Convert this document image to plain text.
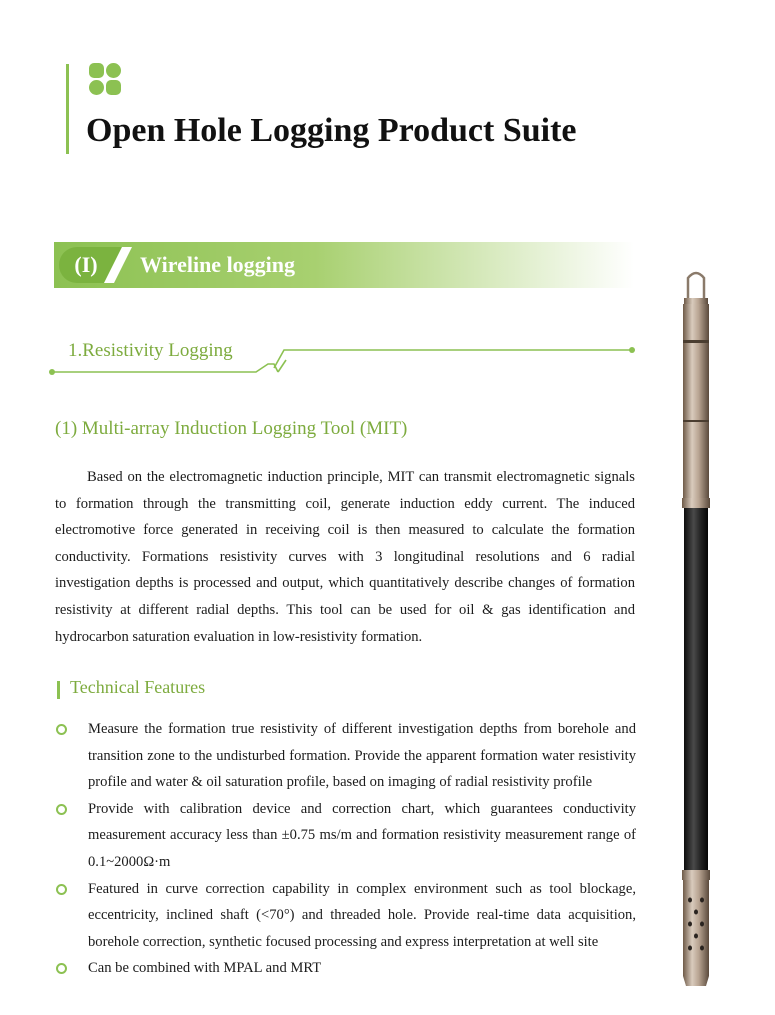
Open Hole Logging Product Suite
(I)	Wireline logging
1.Resistivity Logging
(1) Multi-array Induction Logging Tool (MIT)

Based on the electromagnetic induction principle, MIT can transmit electromagnetic signals to formation through the transmitting coil, generate induction eddy current. The induced electromotive force generated in receiving coil is then measured to calculate the formation conductivity. Formations resistivity curves with 3 longitudinal resolutions and 6 radial investigation depths is processed and output, which quantitatively describe changes of formation resistivity at different radial depths. This tool can be used for oil & gas identification and hydrocarbon saturation evaluation in low-resistivity formation.

Technical Features
Measure the formation true resistivity of different investigation depths from borehole and transition zone to the undisturbed formation. Provide the apparent formation water resistivity profile and water & oil saturation profile, based on imaging of radial resistivity profile
Provide with calibration device and correction chart, which guarantees conductivity measurement accuracy less than ±0.75 ms/m and formation resistivity measurement range of 0.1~2000Ω·m
Featured in curve correction capability in complex environment such as tool blockage, eccentricity, inclined shaft (<70°) and threaded hole. Provide real-time data acquisition, borehole correction, synthetic focused processing and express interpretation at well site
Can be combined with MPAL and MRT
